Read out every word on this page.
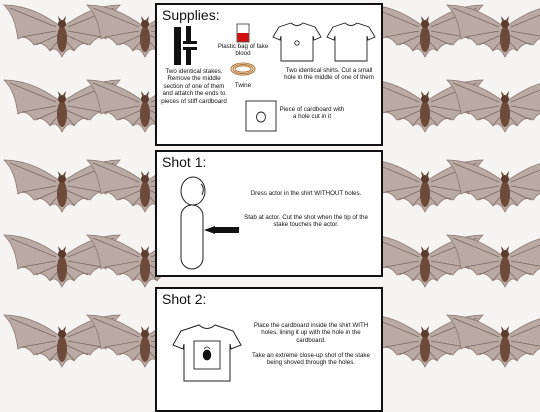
Supplies:
Two identical stakes. Remove the middle section of one of them and attatch the ends to pieces of stiff cardboard
Plastic bag of fake blood
Twine
Two identical shirts. Cut a small hole in the middle of one of them
Piece of cardboard with a hole cut in it
Shot 1:
Dress actor in the shirt WITHOUT holes.
Stab at actor. Cut the shot when the tip of the stake touches the actor.
Shot 2:
Place the cardboard inside the shirt WITH holes, lining it up with the hole in the cardboard.
Take an extreme close-up shot of the stake being shoved through the holes.
